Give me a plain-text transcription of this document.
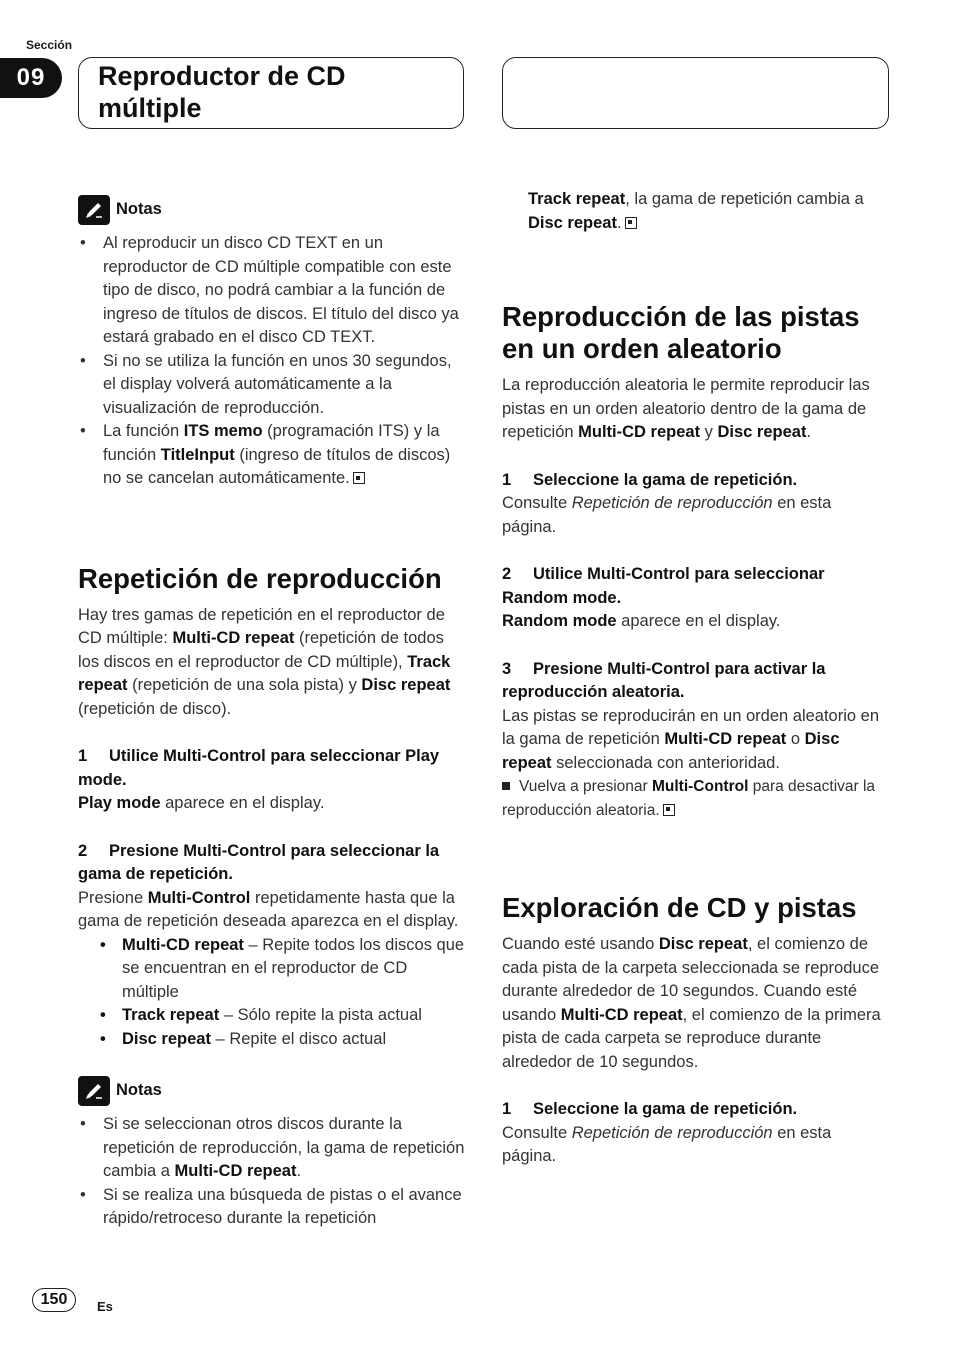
Sección
09	Reproductor de CD
múltiple
Notas
• Al reproducir un disco CD TEXT en un reproductor de CD múltiple compatible con este tipo de disco, no podrá cambiar a la función de ingreso de títulos de discos. El título del disco ya estará grabado en el disco CD TEXT.
• Si no se utiliza la función en unos 30 segundos, el display volverá automáticamente a la visualización de reproducción.
• La función ITS memo (programación ITS) y la función TitleInput (ingreso de títulos de discos) no se cancelan automáticamente.
Repetición de reproducción

Hay tres gamas de repetición en el reproductor de CD múltiple: Multi-CD repeat (repetición de todos los discos en el reproductor de CD múltiple), Track repeat (repetición de una sola pista) y Disc repeat (repetición de disco).

1 Utilice Multi-Control para seleccionar Play mode.

Play mode aparece en el display.

2 Presione Multi-Control para seleccionar la gama de repetición.

Presione Multi-Control repetidamente hasta que la gama de repetición deseada aparezca en el display.

• Multi-CD repeat – Repite todos los discos que se encuentran en el reproductor de CD múltiple
• Track repeat – Sólo repite la pista actual
• Disc repeat – Repite el disco actual
Notas
• Si se seleccionan otros discos durante la repetición de reproducción, la gama de repetición cambia a Multi-CD repeat.
• Si se realiza una búsqueda de pistas o el avance rápido/retroceso durante la repetición

Track repeat, la gama de repetición cambia a Disc repeat.

Reproducción de las pistas en un orden aleatorio

La reproducción aleatoria le permite reproducir las pistas en un orden aleatorio dentro de la gama de repetición Multi-CD repeat y Disc repeat.

1 Seleccione la gama de repetición.

Consulte Repetición de reproducción en esta página.

2 Utilice Multi-Control para seleccionar Random mode.

Random mode aparece en el display.

3 Presione Multi-Control para activar la reproducción aleatoria.

Las pistas se reproducirán en un orden aleatorio en la gama de repetición Multi-CD repeat o Disc repeat seleccionada con anterioridad.

Vuelva a presionar Multi-Control para desactivar la reproducción aleatoria.

Exploración de CD y pistas

Cuando esté usando Disc repeat, el comienzo de cada pista de la carpeta seleccionada se reproduce durante alrededor de 10 segundos. Cuando esté usando Multi-CD repeat, el comienzo de la primera pista de cada carpeta se reproduce durante alrededor de 10 segundos.

1 Seleccione la gama de repetición.

Consulte Repetición de reproducción en esta página.

150	Es
